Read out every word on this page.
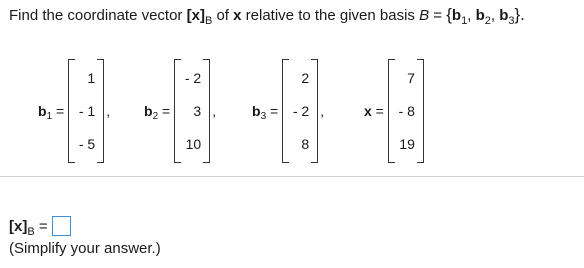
Find the coordinate vector $[x]_B$ of x relative to the given basis $B = \{b_1$, $b_2$, $b_3$}.
$b_1$ =
1
- 1
- 5
, $b_2$ =
- 2
3
10
,	$b_3$ =
2
- 2
8
,	x =
7
- 8
19
$[x]_B$ =
(Simplify your answer.)
